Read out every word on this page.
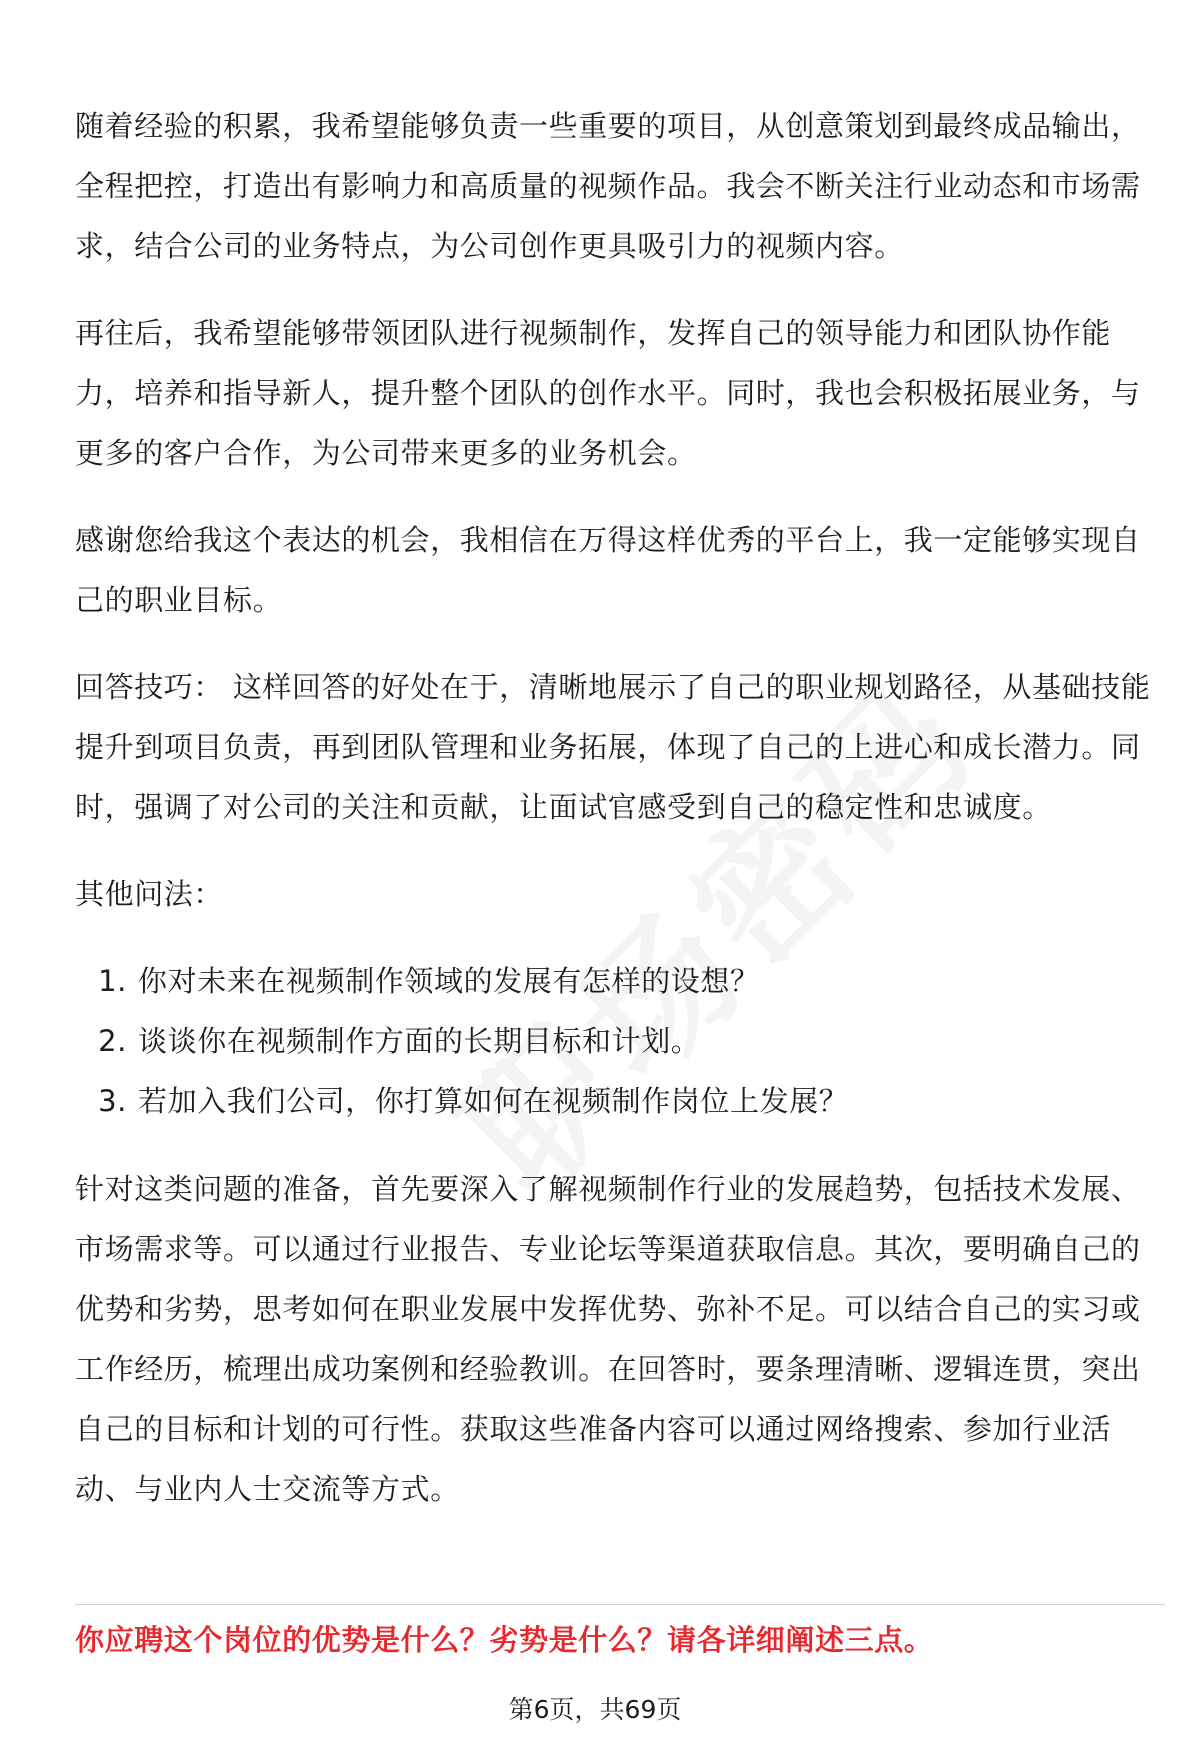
随着经验的积累，我希望能够负责一些重要的项目，从创意策划到最终成品输出，全程把控，打造出有影响力和高质量的视频作品。我会不断关注行业动态和市场需求，结合公司的业务特点，为公司创作更具吸引力的视频内容。

再往后，我希望能够带领团队进行视频制作，发挥自己的领导能力和团队协作能力，培养和指导新人，提升整个团队的创作水平。同时，我也会积极拓展业务，与更多的客户合作，为公司带来更多的业务机会。

感谢您给我这个表达的机会，我相信在万得这样优秀的平台上，我一定能够实现自己的职业目标。

回答技巧： 这样回答的好处在于，清晰地展示了自己的职业规划路径，从基础技能提升到项目负责，再到团队管理和业务拓展，体现了自己的上进心和成长潜力。同时，强调了对公司的关注和贡献，让面试官感受到自己的稳定性和忠诚度。

其他问法：

1. 你对未来在视频制作领域的发展有怎样的设想？
2. 谈谈你在视频制作方面的长期目标和计划。
3. 若加入我们公司，你打算如何在视频制作岗位上发展？

针对这类问题的准备，首先要深入了解视频制作行业的发展趋势，包括技术发展、市场需求等。可以通过行业报告、专业论坛等渠道获取信息。其次，要明确自己的优势和劣势，思考如何在职业发展中发挥优势、弥补不足。可以结合自己的实习或工作经历，梳理出成功案例和经验教训。在回答时，要条理清晰、逻辑连贯，突出自己的目标和计划的可行性。获取这些准备内容可以通过网络搜索、参加行业活动、与业内人士交流等方式。

你应聘这个岗位的优势是什么？劣势是什么？请各详细阐述三点。
第6页，共69页
